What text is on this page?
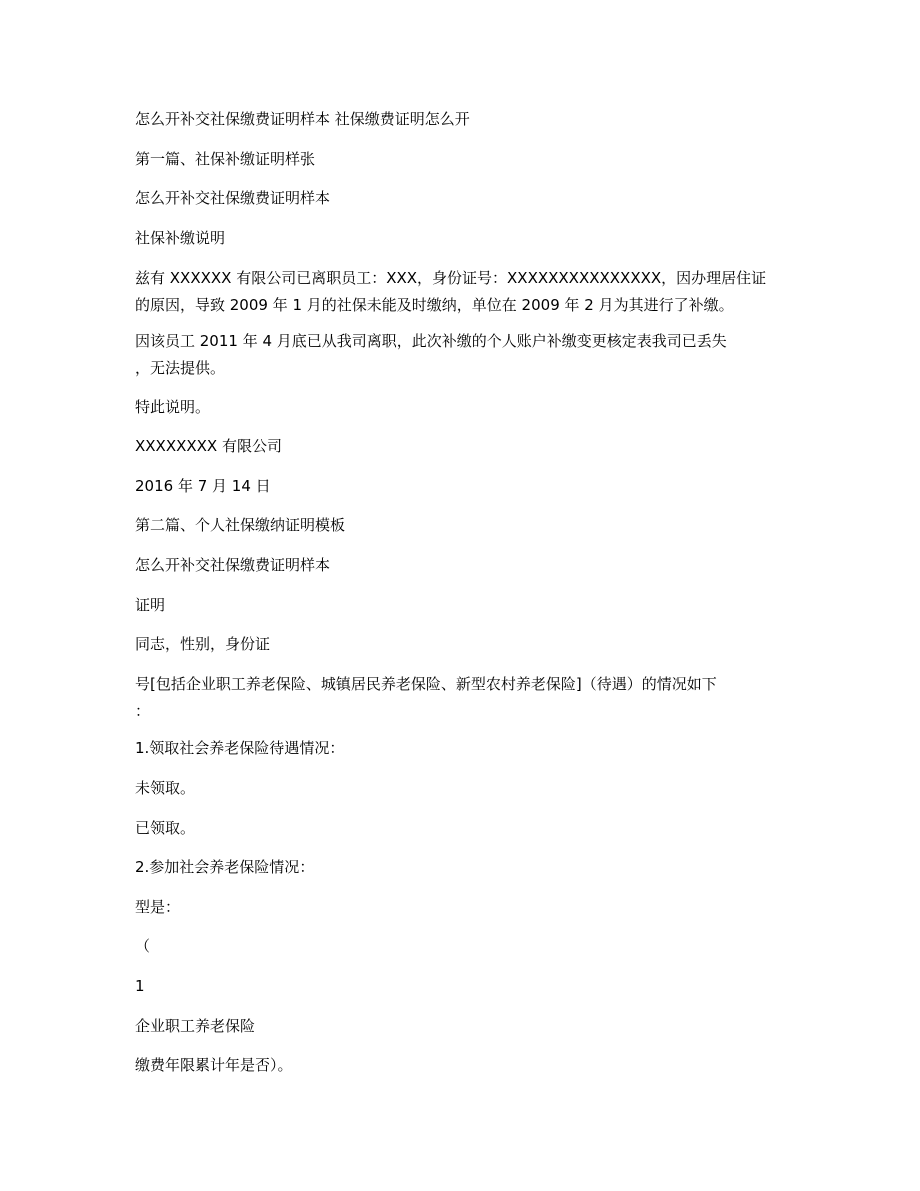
怎么开补交社保缴费证明样本 社保缴费证明怎么开

第一篇、社保补缴证明样张

怎么开补交社保缴费证明样本

社保补缴说明

兹有 XXXXXX 有限公司已离职员工：XXX，身份证号：XXXXXXXXXXXXXXX，因办理居住证
的原因，导致 2009 年 1 月的社保未能及时缴纳，单位在 2009 年 2 月为其进行了补缴。
因该员工 2011 年 4 月底已从我司离职，此次补缴的个人账户补缴变更核定表我司已丢失
，无法提供。

特此说明。

XXXXXXXX 有限公司

2016 年 7 月 14 日

第二篇、个人社保缴纳证明模板

怎么开补交社保缴费证明样本

证明

同志，性别，身份证

号[包括企业职工养老保险、城镇居民养老保险、新型农村养老保险]（待遇）的情况如下
：

1.领取社会养老保险待遇情况：

未领取。

已领取。

2.参加社会养老保险情况：

型是：

（

1

企业职工养老保险

缴费年限累计年是否）。
